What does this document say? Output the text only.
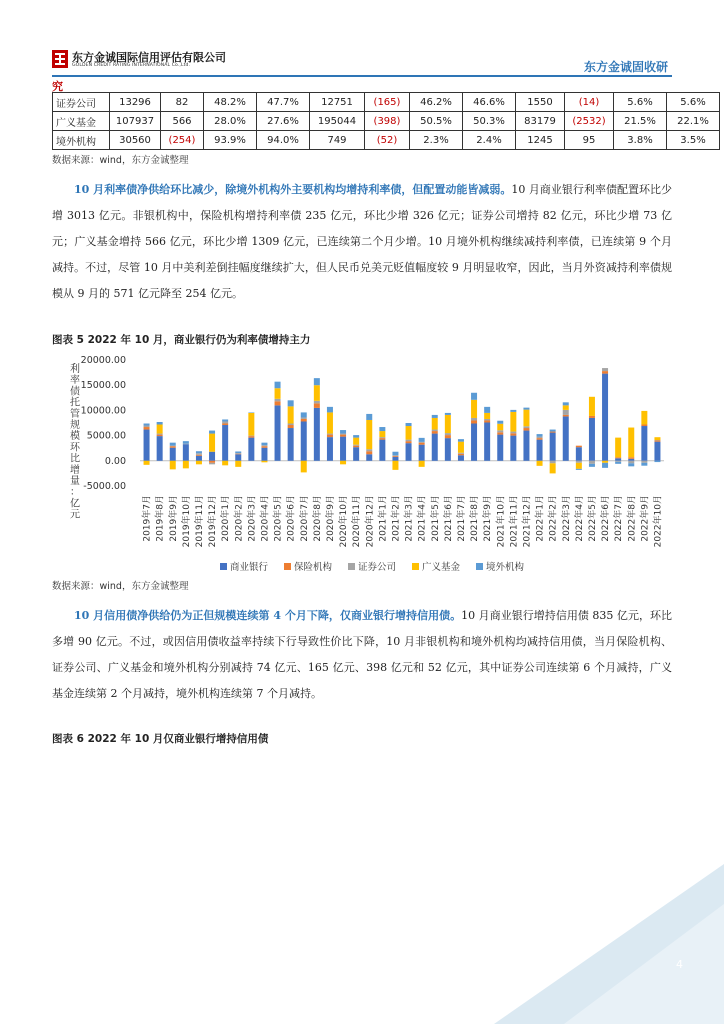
东方金诚国际信用评估有限公司
GOLDEN CREDIT RATING INTERNATIONAL Co.,Ltd.	东方金诚固收研
究
证券公司	13296	82	48.2%	47.7%	12751	(165)	46.2%	46.6%	1550	(14)	5.6%	5.6%
广义基金	107937	566	28.0%	27.6%	195044	(398)	50.5%	50.3%	83179	(2532)	21.5%	22.1%
境外机构	30560	(254)	93.9%	94.0%	749	(52)	2.3%	2.4%	1245	95	3.8%	3.5%
数据来源：wind，东方金诚整理
  10 月利率债净供给环比减少，除境外机构外主要机构均增持利率债，但配置动能皆减弱。10 月商业银行利率债配置环比少增 3013 亿元。非银机构中，保险机构增持利率债 235 亿元，环比少增 326 亿元；证券公司增持 82 亿元，环比少增 73 亿元；广义基金增持 566 亿元，环比少增 1309 亿元，已连续第二个月少增。10 月境外机构继续减持利率债，已连续第 9 个月减持。不过，尽管 10 月中美利差倒挂幅度继续扩大，但人民币兑美元贬值幅度较 9 月明显收窄，因此，当月外资减持利率债规模从 9 月的 571 亿元降至 254 亿元。
图表 5 2022 年 10 月，商业银行仍为利率债增持主力
利率债托管规模环比增量：亿元
20000.00
15000.00
10000.00
5000.00
0.00
-5000.00
2019年7月 2019年8月 2019年9月 2019年10月 2019年11月 2019年12月 2020年1月 2020年2月 2020年3月 2020年4月 2020年5月 2020年6月 2020年7月 2020年8月 2020年9月 2020年10月 2020年11月 2020年12月 2021年1月 2021年2月 2021年3月 2021年4月 2021年5月 2021年6月 2021年7月 2021年8月 2021年9月 2021年10月 2021年11月 2021年12月 2022年1月 2022年2月 2022年3月 2022年4月 2022年5月 2022年6月 2022年7月 2022年8月 2022年9月 2022年10月
商业银行	保险机构	证券公司	广义基金	境外机构
数据来源：wind，东方金诚整理
  10 月信用债净供给仍为正但规模连续第 4 个月下降，仅商业银行增持信用债。10 月商业银行增持信用债 835 亿元，环比多增 90 亿元。不过，或因信用债收益率持续下行导致性价比下降，10 月非银机构和境外机构均减持信用债，当月保险机构、证券公司、广义基金和境外机构分别减持 74 亿元、165 亿元、398 亿元和 52 亿元，其中证券公司连续第 6 个月减持，广义基金连续第 2 个月减持，境外机构连续第 7 个月减持。
图表 6 2022 年 10 月仅商业银行增持信用债
4
